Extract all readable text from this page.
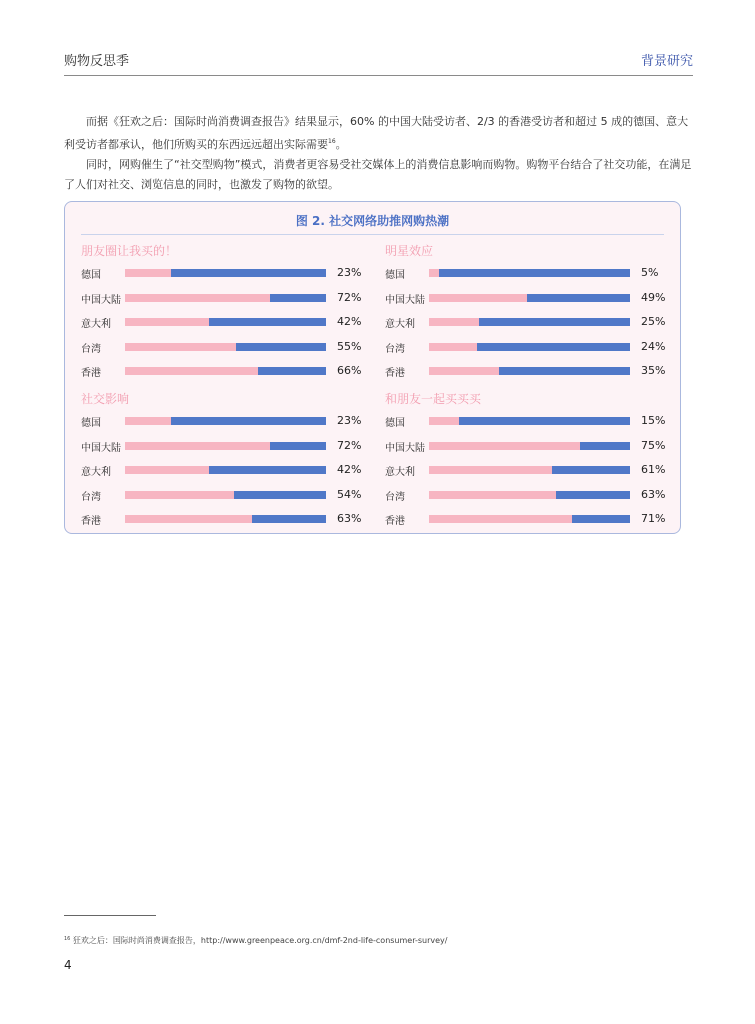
购物反思季	背景研究

而据《狂欢之后：国际时尚消费调查报告》结果显示，60% 的中国大陆受访者、2/3 的香港受访者和超过 5 成的德国、意大利受访者都承认，他们所购买的东西远远超出实际需要$^{16}$。

同时，网购催生了“社交型购物”模式，消费者更容易受社交媒体上的消费信息影响而购物。购物平台结合了社交功能，在满足了人们对社交、浏览信息的同时，也激发了购物的欲望。

图 2. 社交网络助推网购热潮
朋友圈让我买的！
德国	23%
中国大陆	72%
意大利	42%
台湾	55%
香港	66%
明星效应
德国	5%
中国大陆	49%
意大利	25%
台湾	24%
香港	35%
社交影响
德国	23%
中国大陆	72%
意大利	42%
台湾	54%
香港	63%
和朋友一起买买买
德国	15%
中国大陆	75%
意大利	61%
台湾	63%
香港	71%
$^{16}$ 狂欢之后：国际时尚消费调查报告，http://www.greenpeace.org.cn/dmf-2nd-life-consumer-survey/
4
